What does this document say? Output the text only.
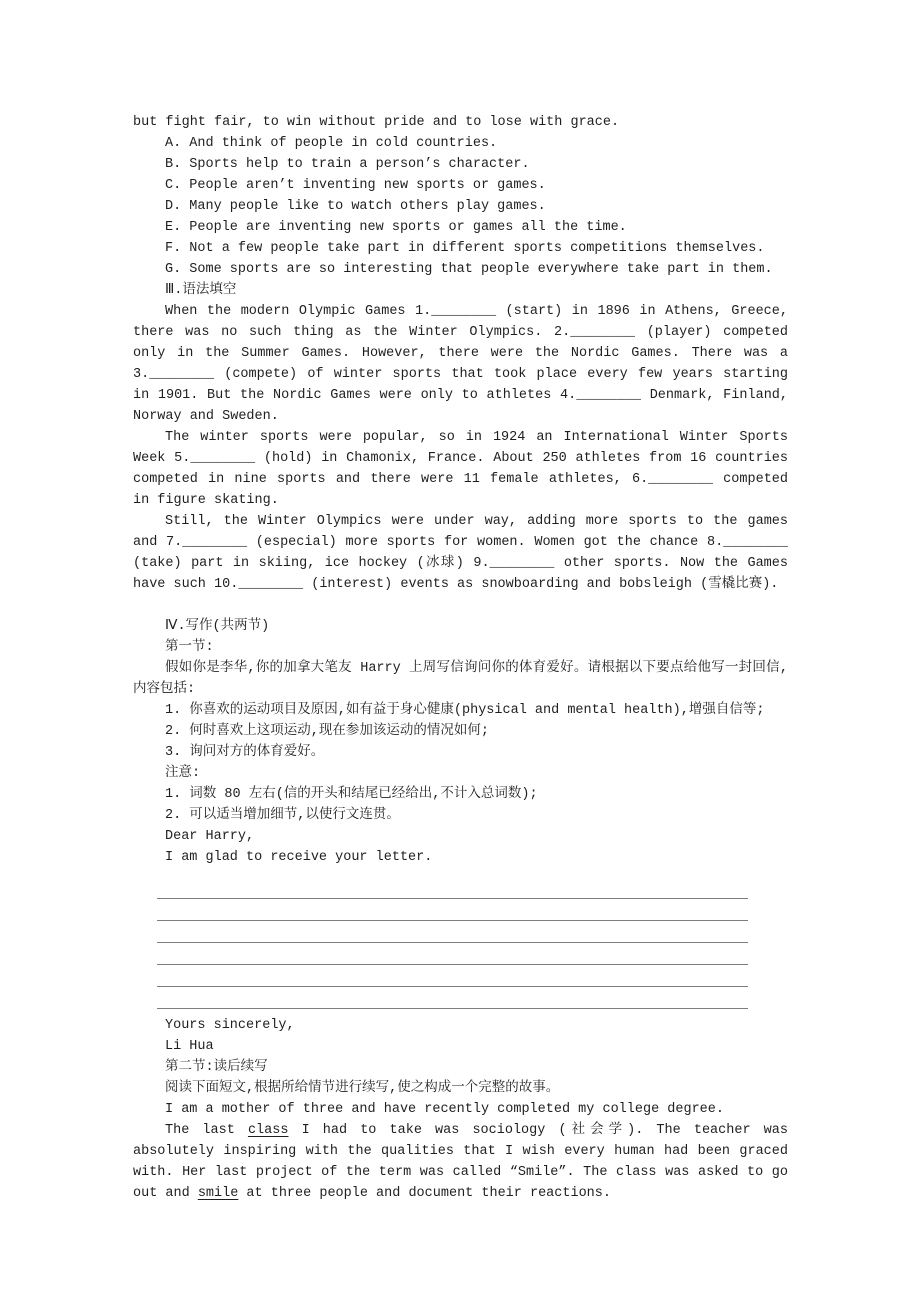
but fight fair, to win without pride and to lose with grace.

A. And think of people in cold countries.

B. Sports help to train a person’s character.

C. People aren’t inventing new sports or games.

D. Many people like to watch others play games.

E. People are inventing new sports or games all the time.

F. Not a few people take part in different sports competitions themselves.

G. Some sports are so interesting that people everywhere take part in them.

Ⅲ.语法填空

When the modern Olympic Games 1.________ (start) in 1896 in Athens, Greece, there was no such thing as the Winter Olympics. 2.________ (player) competed only in the Summer Games. However, there were the Nordic Games. There was a 3.________ (compete) of winter sports that took place every few years starting in 1901. But the Nordic Games were only to athletes 4.________ Denmark, Finland, Norway and Sweden.

The winter sports were popular, so in 1924 an International Winter Sports Week 5.________ (hold) in Chamonix, France. About 250 athletes from 16 countries competed in nine sports and there were 11 female athletes, 6.________ competed in figure skating.

Still, the Winter Olympics were under way, adding more sports to the games and 7.________ (especial) more sports for women. Women got the chance 8.________ (take) part in skiing, ice hockey (冰球) 9.________ other sports. Now the Games have such 10.________ (interest) events as snowboarding and bobsleigh (雪橇比赛).

Ⅳ.写作(共两节)

第一节:

假如你是李华,你的加拿大笔友 Harry 上周写信询问你的体育爱好。请根据以下要点给他写一封回信,内容包括:

1. 你喜欢的运动项目及原因,如有益于身心健康(physical and mental health),增强自信等;

2. 何时喜欢上这项运动,现在参加该运动的情况如何;

3. 询问对方的体育爱好。

注意:

1. 词数 80 左右(信的开头和结尾已经给出,不计入总词数);

2. 可以适当增加细节,以使行文连贯。

Dear Harry,

I am glad to receive your letter.

Yours sincerely,

Li Hua

第二节:读后续写

阅读下面短文,根据所给情节进行续写,使之构成一个完整的故事。

I am a mother of three and have recently completed my college degree.

The last class I had to take was sociology (社会学). The teacher was absolutely inspiring with the qualities that I wish every human had been graced with. Her last project of the term was called “Smile”. The class was asked to go out and smile at three people and document their reactions.
